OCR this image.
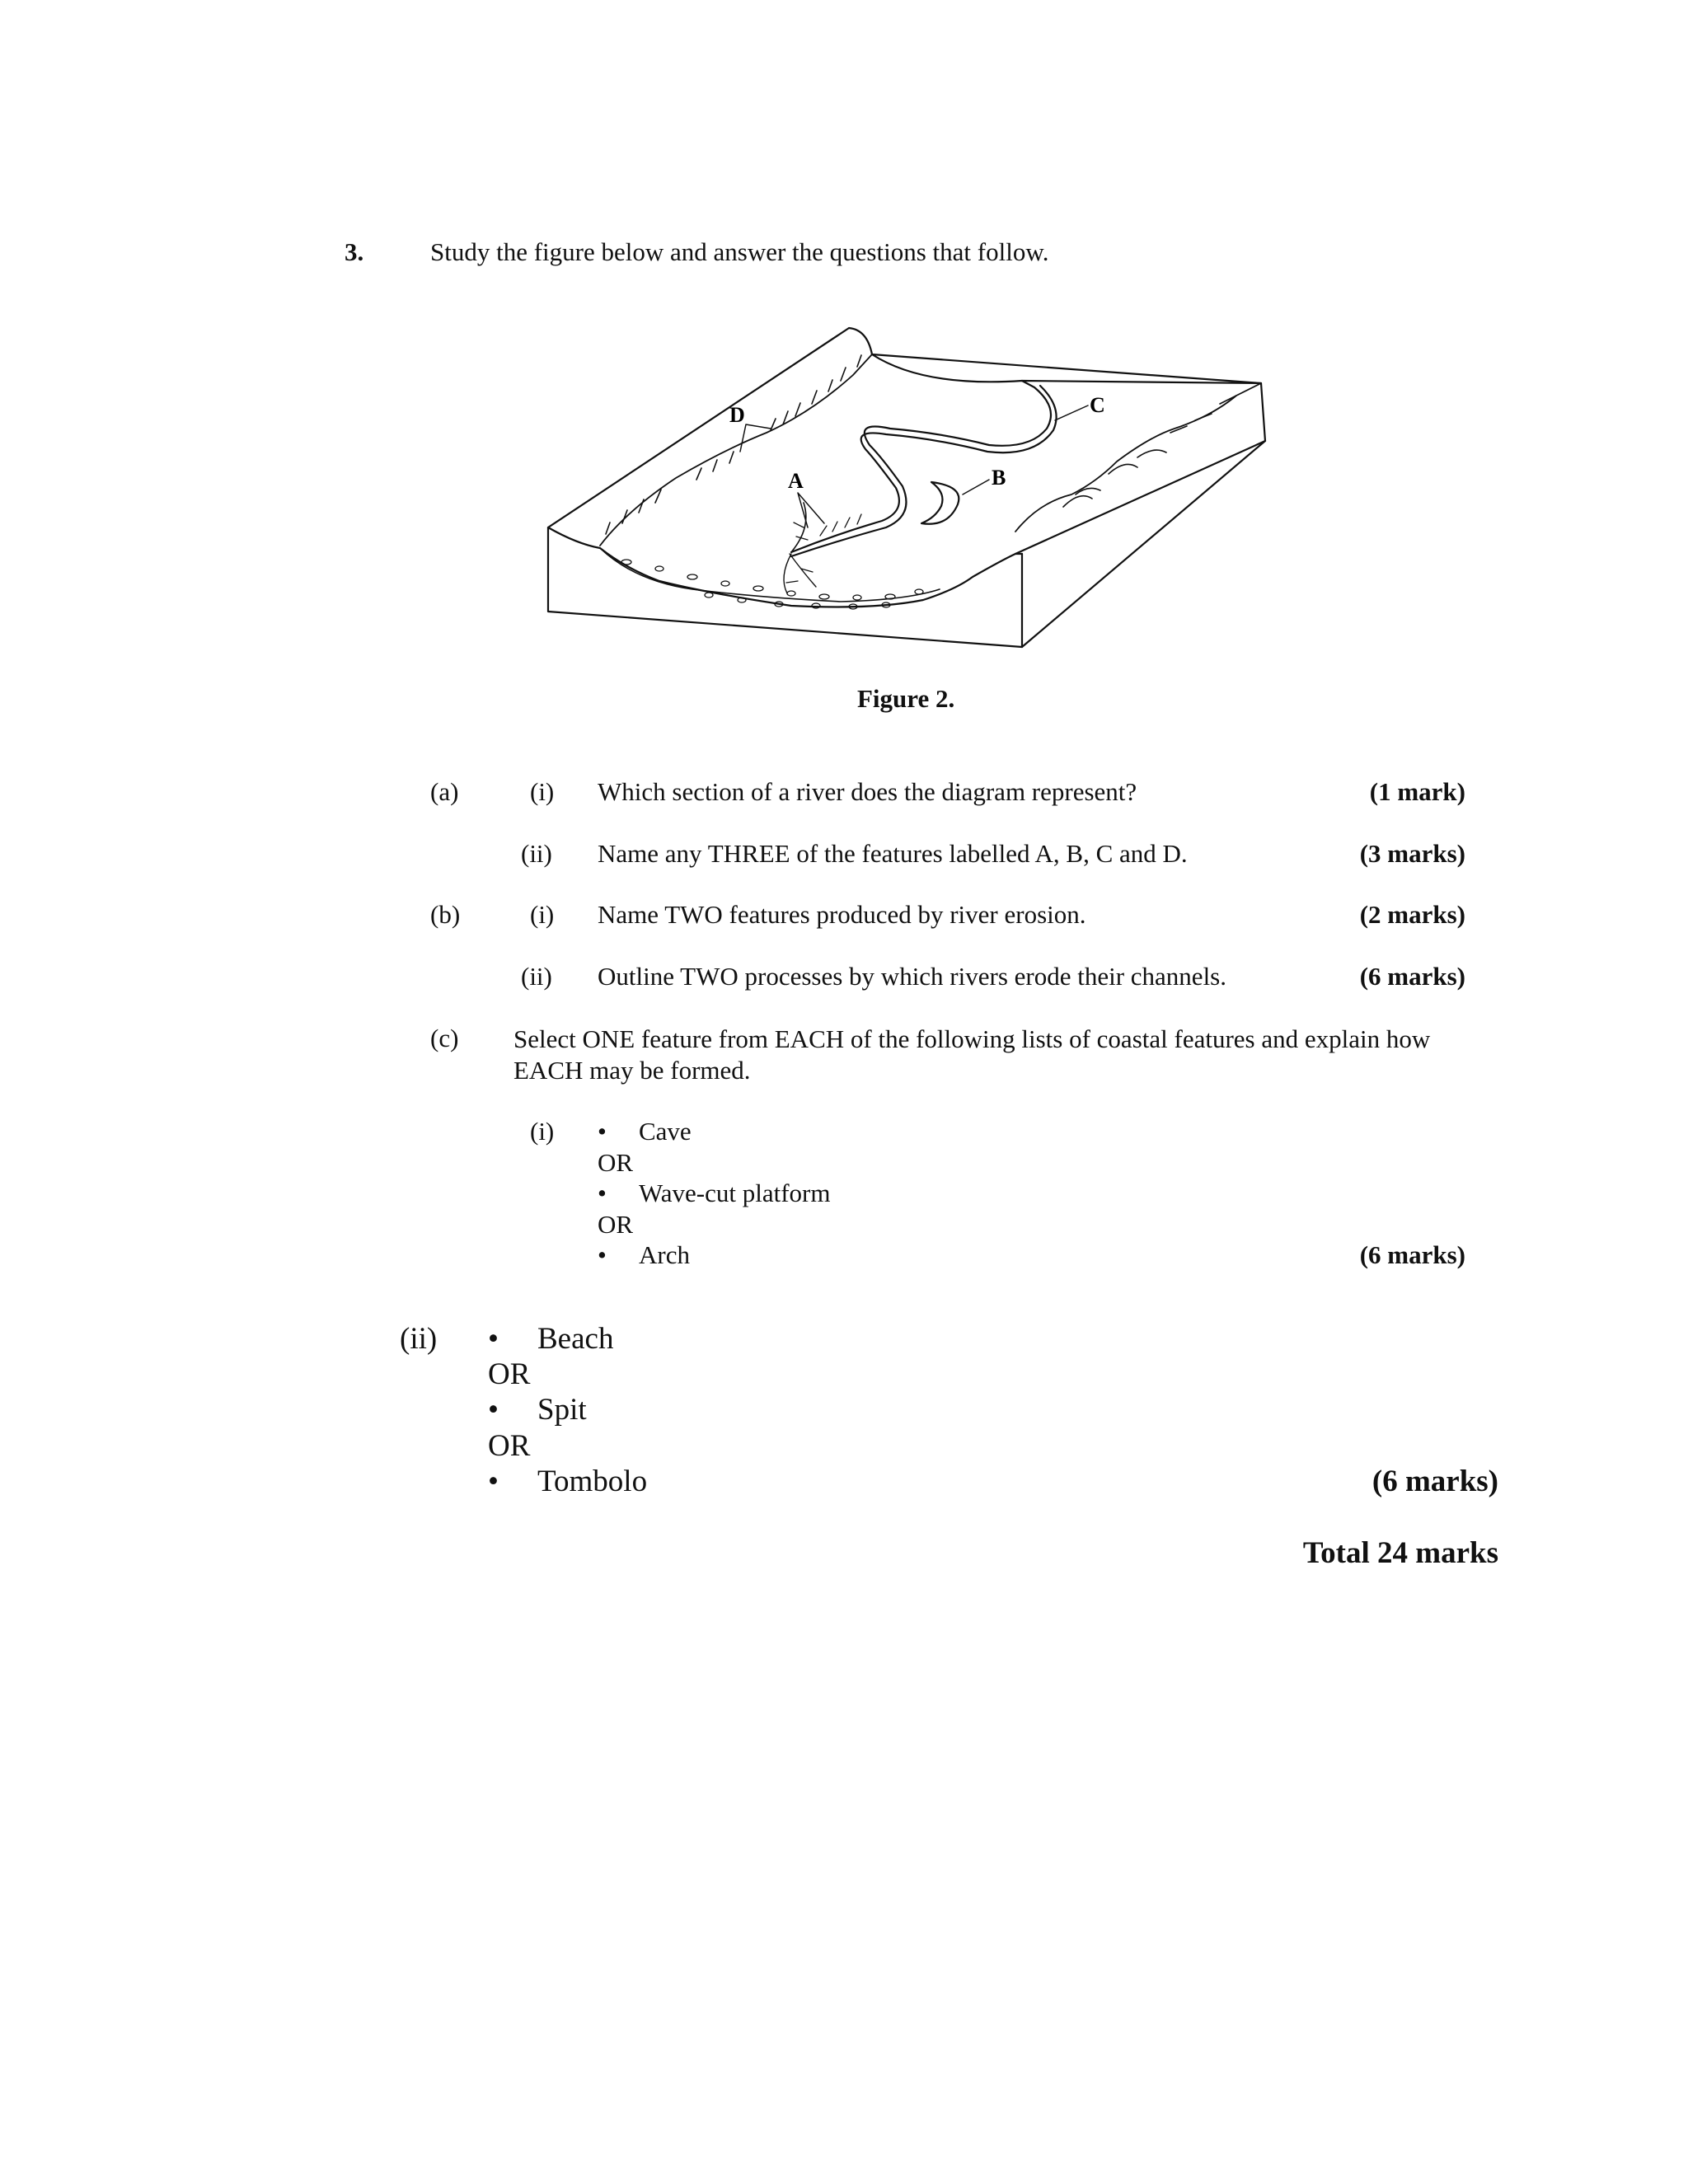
3.	Study the figure below and answer the questions that follow.
A	B
C
D
Figure 2.
(a)	(i) Which section of a river does the diagram represent?	(1 mark)
(ii) Name any THREE of the features labelled A, B, C and D.	(3 marks)
(b)	(i) Name TWO features produced by river erosion.	(2 marks)
(ii) Outline TWO processes by which rivers erode their channels.	(6 marks)
(c) Select ONE feature from EACH of the following lists of coastal features and explain how EACH may be formed.
(i) • Cave
OR
• Wave-cut platform
OR
• Arch	(6 marks)
(ii) • Beach
OR
• Spit
OR
• Tombolo	(6 marks)
Total 24 marks
